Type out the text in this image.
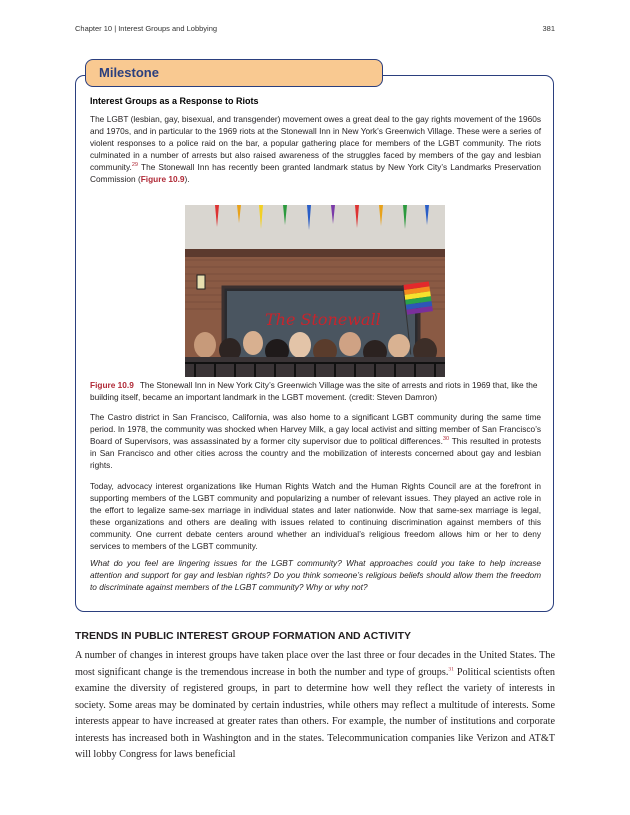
Chapter 10 | Interest Groups and Lobbying	381
Milestone
Interest Groups as a Response to Riots

The LGBT (lesbian, gay, bisexual, and transgender) movement owes a great deal to the gay rights movement of the 1960s and 1970s, and in particular to the 1969 riots at the Stonewall Inn in New York’s Greenwich Village. These were a series of violent responses to a police raid on the bar, a popular gathering place for members of the LGBT community. The riots culminated in a number of arrests but also raised awareness of the struggles faced by members of the gay and lesbian community.$^{29}$ The Stonewall Inn has recently been granted landmark status by New York City’s Landmarks Preservation Commission (Figure 10.9).

The Stonewall
Figure 10.9 The Stonewall Inn in New York City’s Greenwich Village was the site of arrests and riots in 1969 that, like the building itself, became an important landmark in the LGBT movement. (credit: Steven Damron)

The Castro district in San Francisco, California, was also home to a significant LGBT community during the same time period. In 1978, the community was shocked when Harvey Milk, a gay local activist and sitting member of San Francisco’s Board of Supervisors, was assassinated by a former city supervisor due to political differences.$^{30}$ This resulted in protests in San Francisco and other cities across the country and the mobilization of interests concerned about gay and lesbian rights.

Today, advocacy interest organizations like Human Rights Watch and the Human Rights Council are at the forefront in supporting members of the LGBT community and popularizing a number of relevant issues. They played an active role in the effort to legalize same-sex marriage in individual states and later nationwide. Now that same-sex marriage is legal, these organizations and others are dealing with issues related to continuing discrimination against members of this community. One current debate centers around whether an individual’s religious freedom allows him or her to deny services to members of the LGBT community.

What do you feel are lingering issues for the LGBT community? What approaches could you take to help increase attention and support for gay and lesbian rights? Do you think someone’s religious beliefs should allow them the freedom to discriminate against members of the LGBT community? Why or why not?

TRENDS IN PUBLIC INTEREST GROUP FORMATION AND ACTIVITY

A number of changes in interest groups have taken place over the last three or four decades in the United States. The most significant change is the tremendous increase in both the number and type of groups.$^{31}$ Political scientists often examine the diversity of registered groups, in part to determine how well they reflect the variety of interests in society. Some areas may be dominated by certain industries, while others may reflect a multitude of interests. Some interests appear to have increased at greater rates than others. For example, the number of institutions and corporate interests has increased both in Washington and in the states. Telecommunication companies like Verizon and AT&T will lobby Congress for laws beneficial
